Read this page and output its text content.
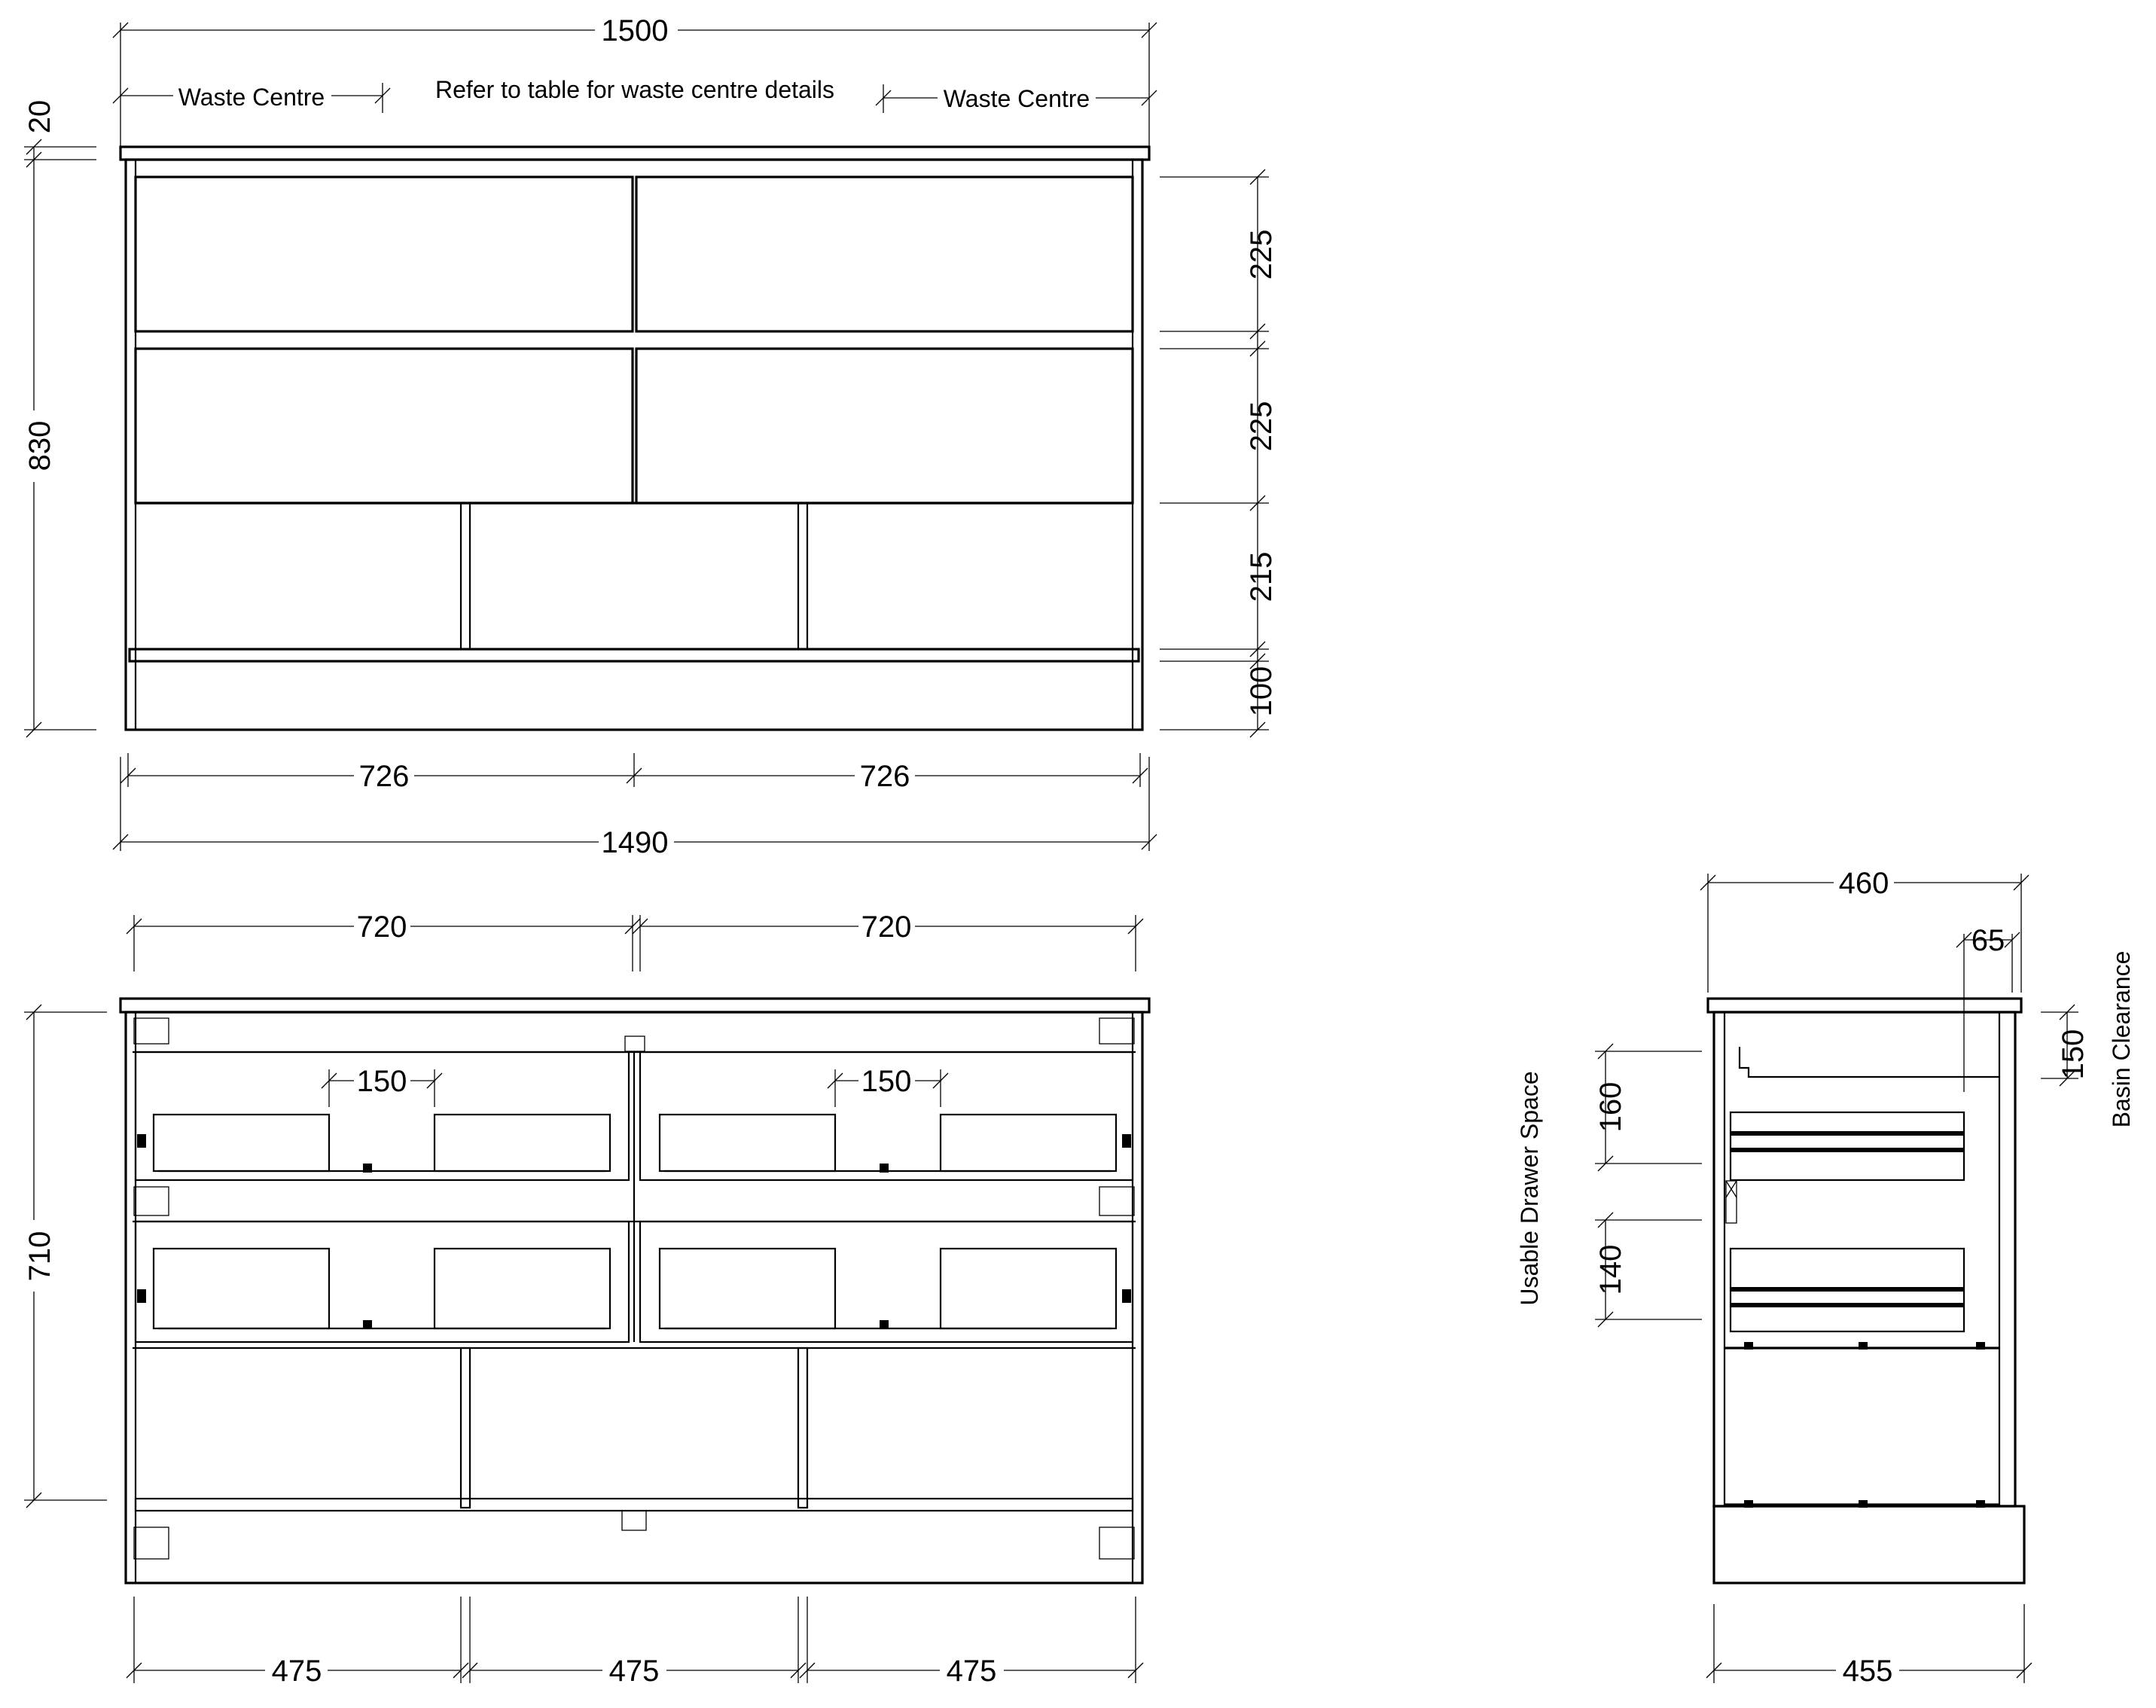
1500
Waste Centre	Refer to table for waste centre details	Waste Centre
20
830
225
225
215
100
726	726
1490
720	720
150	150
710
475	475	475
460
65
150 Basin Clearance
Usable Drawer Space 160
140
455
